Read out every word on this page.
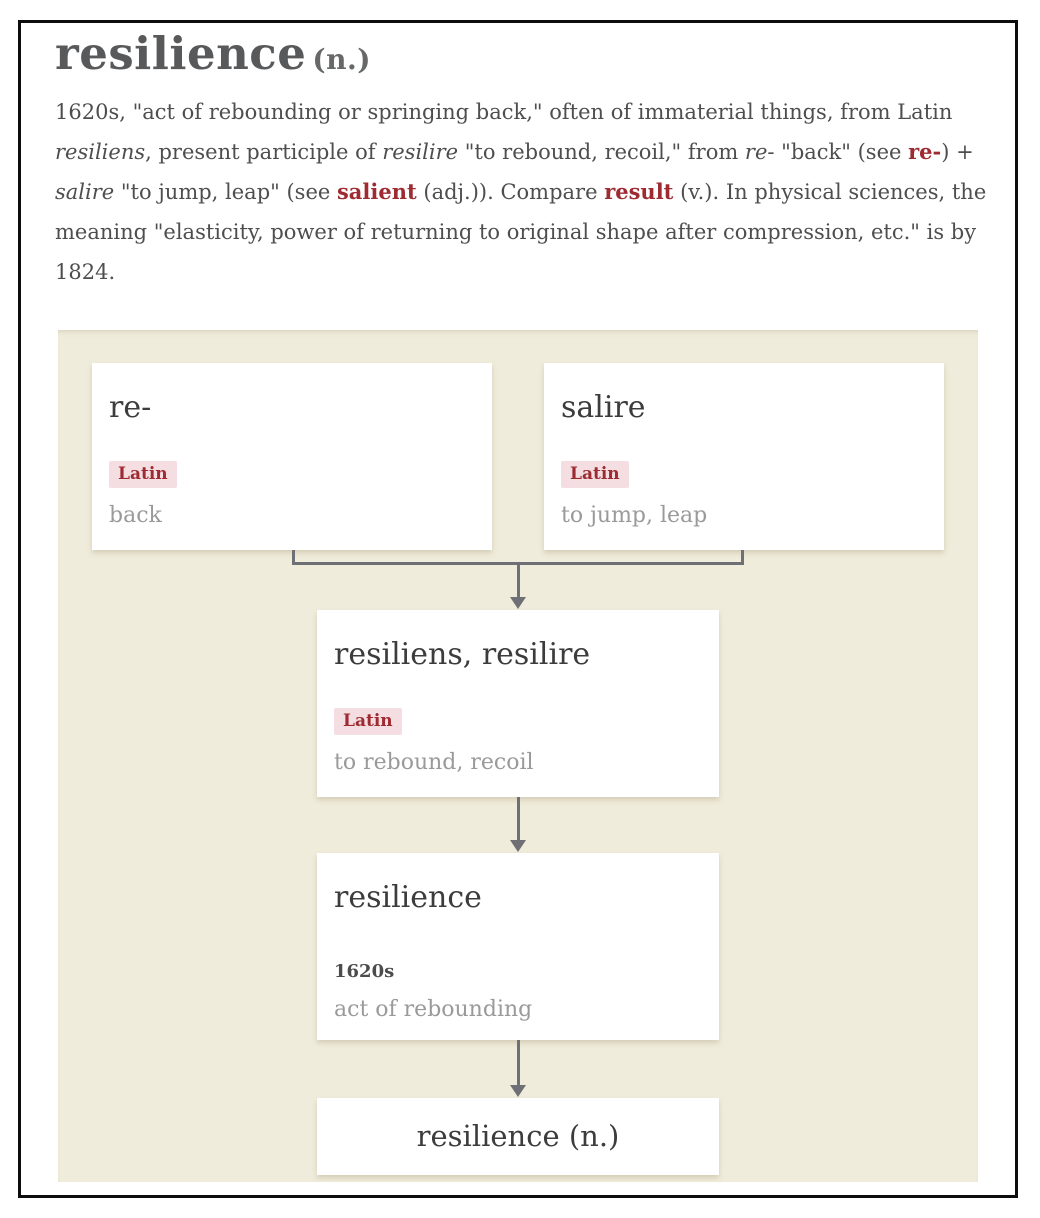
resilience (n.)

1620s, "act of rebounding or springing back," often of immaterial things, from Latin resiliens, present participle of resilire "to rebound, recoil," from re- "back" (see re-) + salire "to jump, leap" (see salient (adj.)). Compare result (v.). In physical sciences, the meaning "elasticity, power of returning to original shape after compression, etc." is by 1824.

re-
Latin
back
salire
Latin
to jump, leap
resiliens, resilire
Latin
to rebound, recoil
resilience
1620s
act of rebounding
resilience (n.)
